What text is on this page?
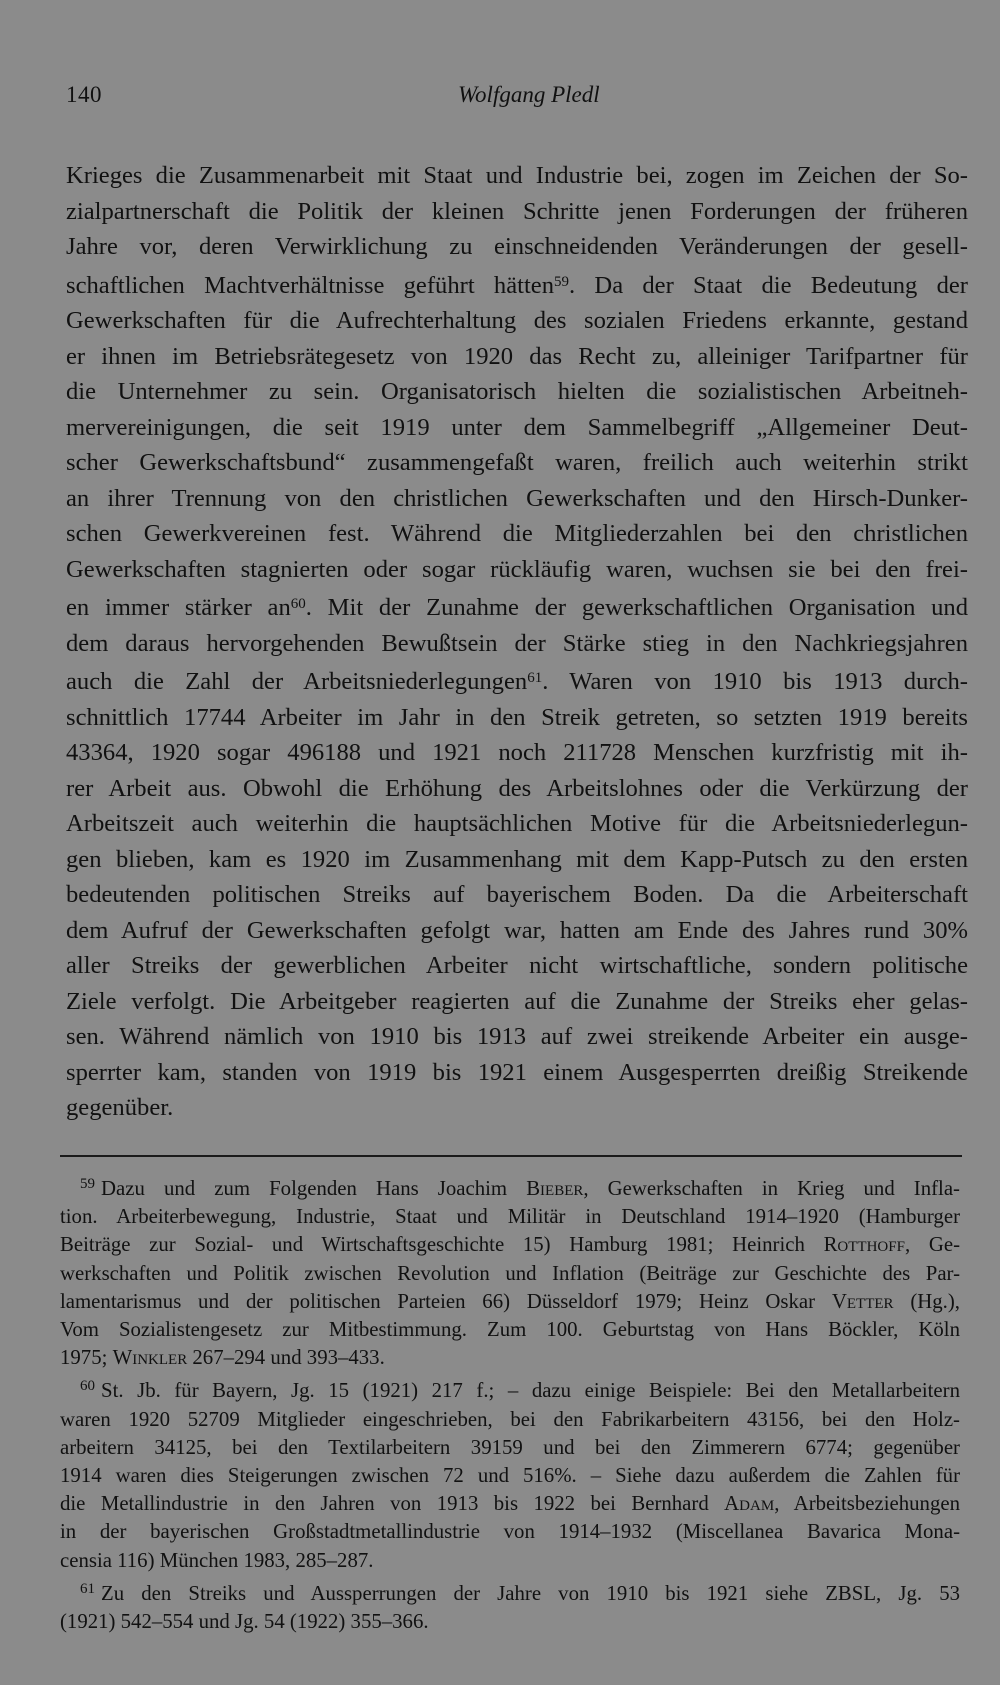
140	Wolfgang Pledl
Krieges die Zusammenarbeit mit Staat und Industrie bei, zogen im Zeichen der So-
zialpartnerschaft die Politik der kleinen Schritte jenen Forderungen der früheren
Jahre vor, deren Verwirklichung zu einschneidenden Veränderungen der gesell-
schaftlichen Machtverhältnisse geführt hätten$^{59}$. Da der Staat die Bedeutung der
Gewerkschaften für die Aufrechterhaltung des sozialen Friedens erkannte, gestand
er ihnen im Betriebsrätegesetz von 1920 das Recht zu, alleiniger Tarifpartner für
die Unternehmer zu sein. Organisatorisch hielten die sozialistischen Arbeitneh-
mervereinigungen, die seit 1919 unter dem Sammelbegriff „Allgemeiner Deut-
scher Gewerkschaftsbund“ zusammengefaßt waren, freilich auch weiterhin strikt
an ihrer Trennung von den christlichen Gewerkschaften und den Hirsch-Dunker-
schen Gewerkvereinen fest. Während die Mitgliederzahlen bei den christlichen
Gewerkschaften stagnierten oder sogar rückläufig waren, wuchsen sie bei den frei-
en immer stärker an$^{60}$. Mit der Zunahme der gewerkschaftlichen Organisation und
dem daraus hervorgehenden Bewußtsein der Stärke stieg in den Nachkriegsjahren
auch die Zahl der Arbeitsniederlegungen$^{61}$. Waren von 1910 bis 1913 durch-
schnittlich 17744 Arbeiter im Jahr in den Streik getreten, so setzten 1919 bereits
43364, 1920 sogar 496188 und 1921 noch 211728 Menschen kurzfristig mit ih-
rer Arbeit aus. Obwohl die Erhöhung des Arbeitslohnes oder die Verkürzung der
Arbeitszeit auch weiterhin die hauptsächlichen Motive für die Arbeitsniederlegun-
gen blieben, kam es 1920 im Zusammenhang mit dem Kapp-Putsch zu den ersten
bedeutenden politischen Streiks auf bayerischem Boden. Da die Arbeiterschaft
dem Aufruf der Gewerkschaften gefolgt war, hatten am Ende des Jahres rund 30%
aller Streiks der gewerblichen Arbeiter nicht wirtschaftliche, sondern politische
Ziele verfolgt. Die Arbeitgeber reagierten auf die Zunahme der Streiks eher gelas-
sen. Während nämlich von 1910 bis 1913 auf zwei streikende Arbeiter ein ausge-
sperrter kam, standen von 1919 bis 1921 einem Ausgesperrten dreißig Streikende
gegenüber.
$^{59}$ Dazu und zum Folgenden Hans Joachim Bieber, Gewerkschaften in Krieg und Infla-
tion. Arbeiterbewegung, Industrie, Staat und Militär in Deutschland 1914–1920 (Hamburger
Beiträge zur Sozial- und Wirtschaftsgeschichte 15) Hamburg 1981; Heinrich Rotthoff, Ge-
werkschaften und Politik zwischen Revolution und Inflation (Beiträge zur Geschichte des Par-
lamentarismus und der politischen Parteien 66) Düsseldorf 1979; Heinz Oskar Vetter (Hg.),
Vom Sozialistengesetz zur Mitbestimmung. Zum 100. Geburtstag von Hans Böckler, Köln
1975; Winkler 267–294 und 393–433.
$^{60}$ St. Jb. für Bayern, Jg. 15 (1921) 217 f.; – dazu einige Beispiele: Bei den Metallarbeitern
waren 1920 52709 Mitglieder eingeschrieben, bei den Fabrikarbeitern 43156, bei den Holz-
arbeitern 34125, bei den Textilarbeitern 39159 und bei den Zimmerern 6774; gegenüber
1914 waren dies Steigerungen zwischen 72 und 516%. – Siehe dazu außerdem die Zahlen für
die Metallindustrie in den Jahren von 1913 bis 1922 bei Bernhard Adam, Arbeitsbeziehungen
in der bayerischen Großstadtmetallindustrie von 1914–1932 (Miscellanea Bavarica Mona-
censia 116) München 1983, 285–287.
$^{61}$ Zu den Streiks und Aussperrungen der Jahre von 1910 bis 1921 siehe ZBSL, Jg. 53
(1921) 542–554 und Jg. 54 (1922) 355–366.
